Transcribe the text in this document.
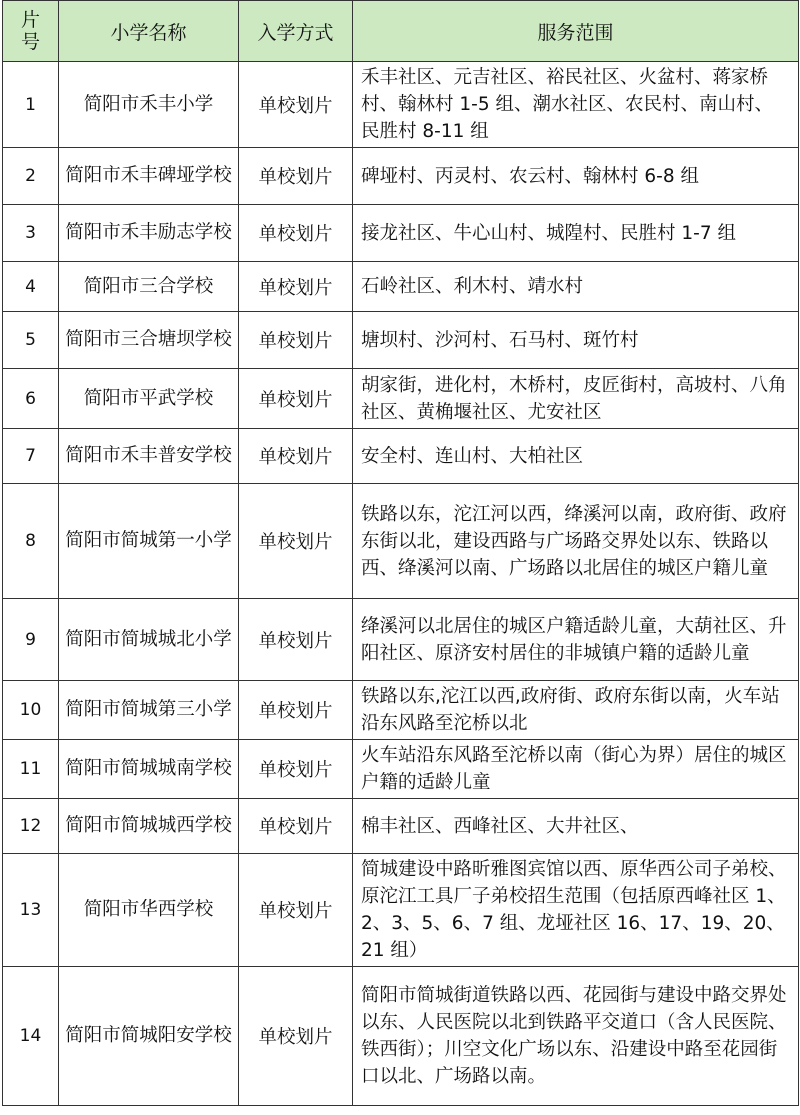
片
号	小学名称	入学方式	服务范围
1	简阳市禾丰小学	单校划片	禾丰社区、元吉社区、裕民社区、火盆村、蒋家桥村、翰林村 1-5 组、潮水社区、农民村、南山村、民胜村 8-11 组
2	简阳市禾丰碑垭学校	单校划片	碑垭村、丙灵村、农云村、翰林村 6-8 组
3	简阳市禾丰励志学校	单校划片	接龙社区、牛心山村、城隍村、民胜村 1-7 组
4	简阳市三合学校	单校划片	石岭社区、利木村、靖水村
5	简阳市三合塘坝学校	单校划片	塘坝村、沙河村、石马村、斑竹村
6	简阳市平武学校	单校划片	胡家街，进化村，木桥村，皮匠街村，高坡村、八角社区、黄桷堰社区、尤安社区
7	简阳市禾丰普安学校	单校划片	安全村、连山村、大柏社区
8	简阳市简城第一小学	单校划片	铁路以东，沱江河以西，绛溪河以南，政府街、政府东街以北，建设西路与广场路交界处以东、铁路以西、绛溪河以南、广场路以北居住的城区户籍儿童
9	简阳市简城城北小学	单校划片	绛溪河以北居住的城区户籍适龄儿童，大葫社区、升阳社区、原济安村居住的非城镇户籍的适龄儿童
10	简阳市简城第三小学	单校划片	铁路以东,沱江以西,政府街、政府东街以南，火车站沿东风路至沱桥以北
11	简阳市简城城南学校	单校划片	火车站沿东风路至沱桥以南（街心为界）居住的城区户籍的适龄儿童
12	简阳市简城城西学校	单校划片	棉丰社区、西峰社区、大井社区、
13	简阳市华西学校	单校划片	简城建设中路昕雅图宾馆以西、原华西公司子弟校、原沱江工具厂子弟校招生范围（包括原西峰社区 1、2、3、5、6、7 组、龙垭社区 16、17、19、20、21 组）
14	简阳市简城阳安学校	单校划片	简阳市简城街道铁路以西、花园街与建设中路交界处以东、人民医院以北到铁路平交道口（含人民医院、铁西街）；川空文化广场以东、沿建设中路至花园街口以北、广场路以南。
